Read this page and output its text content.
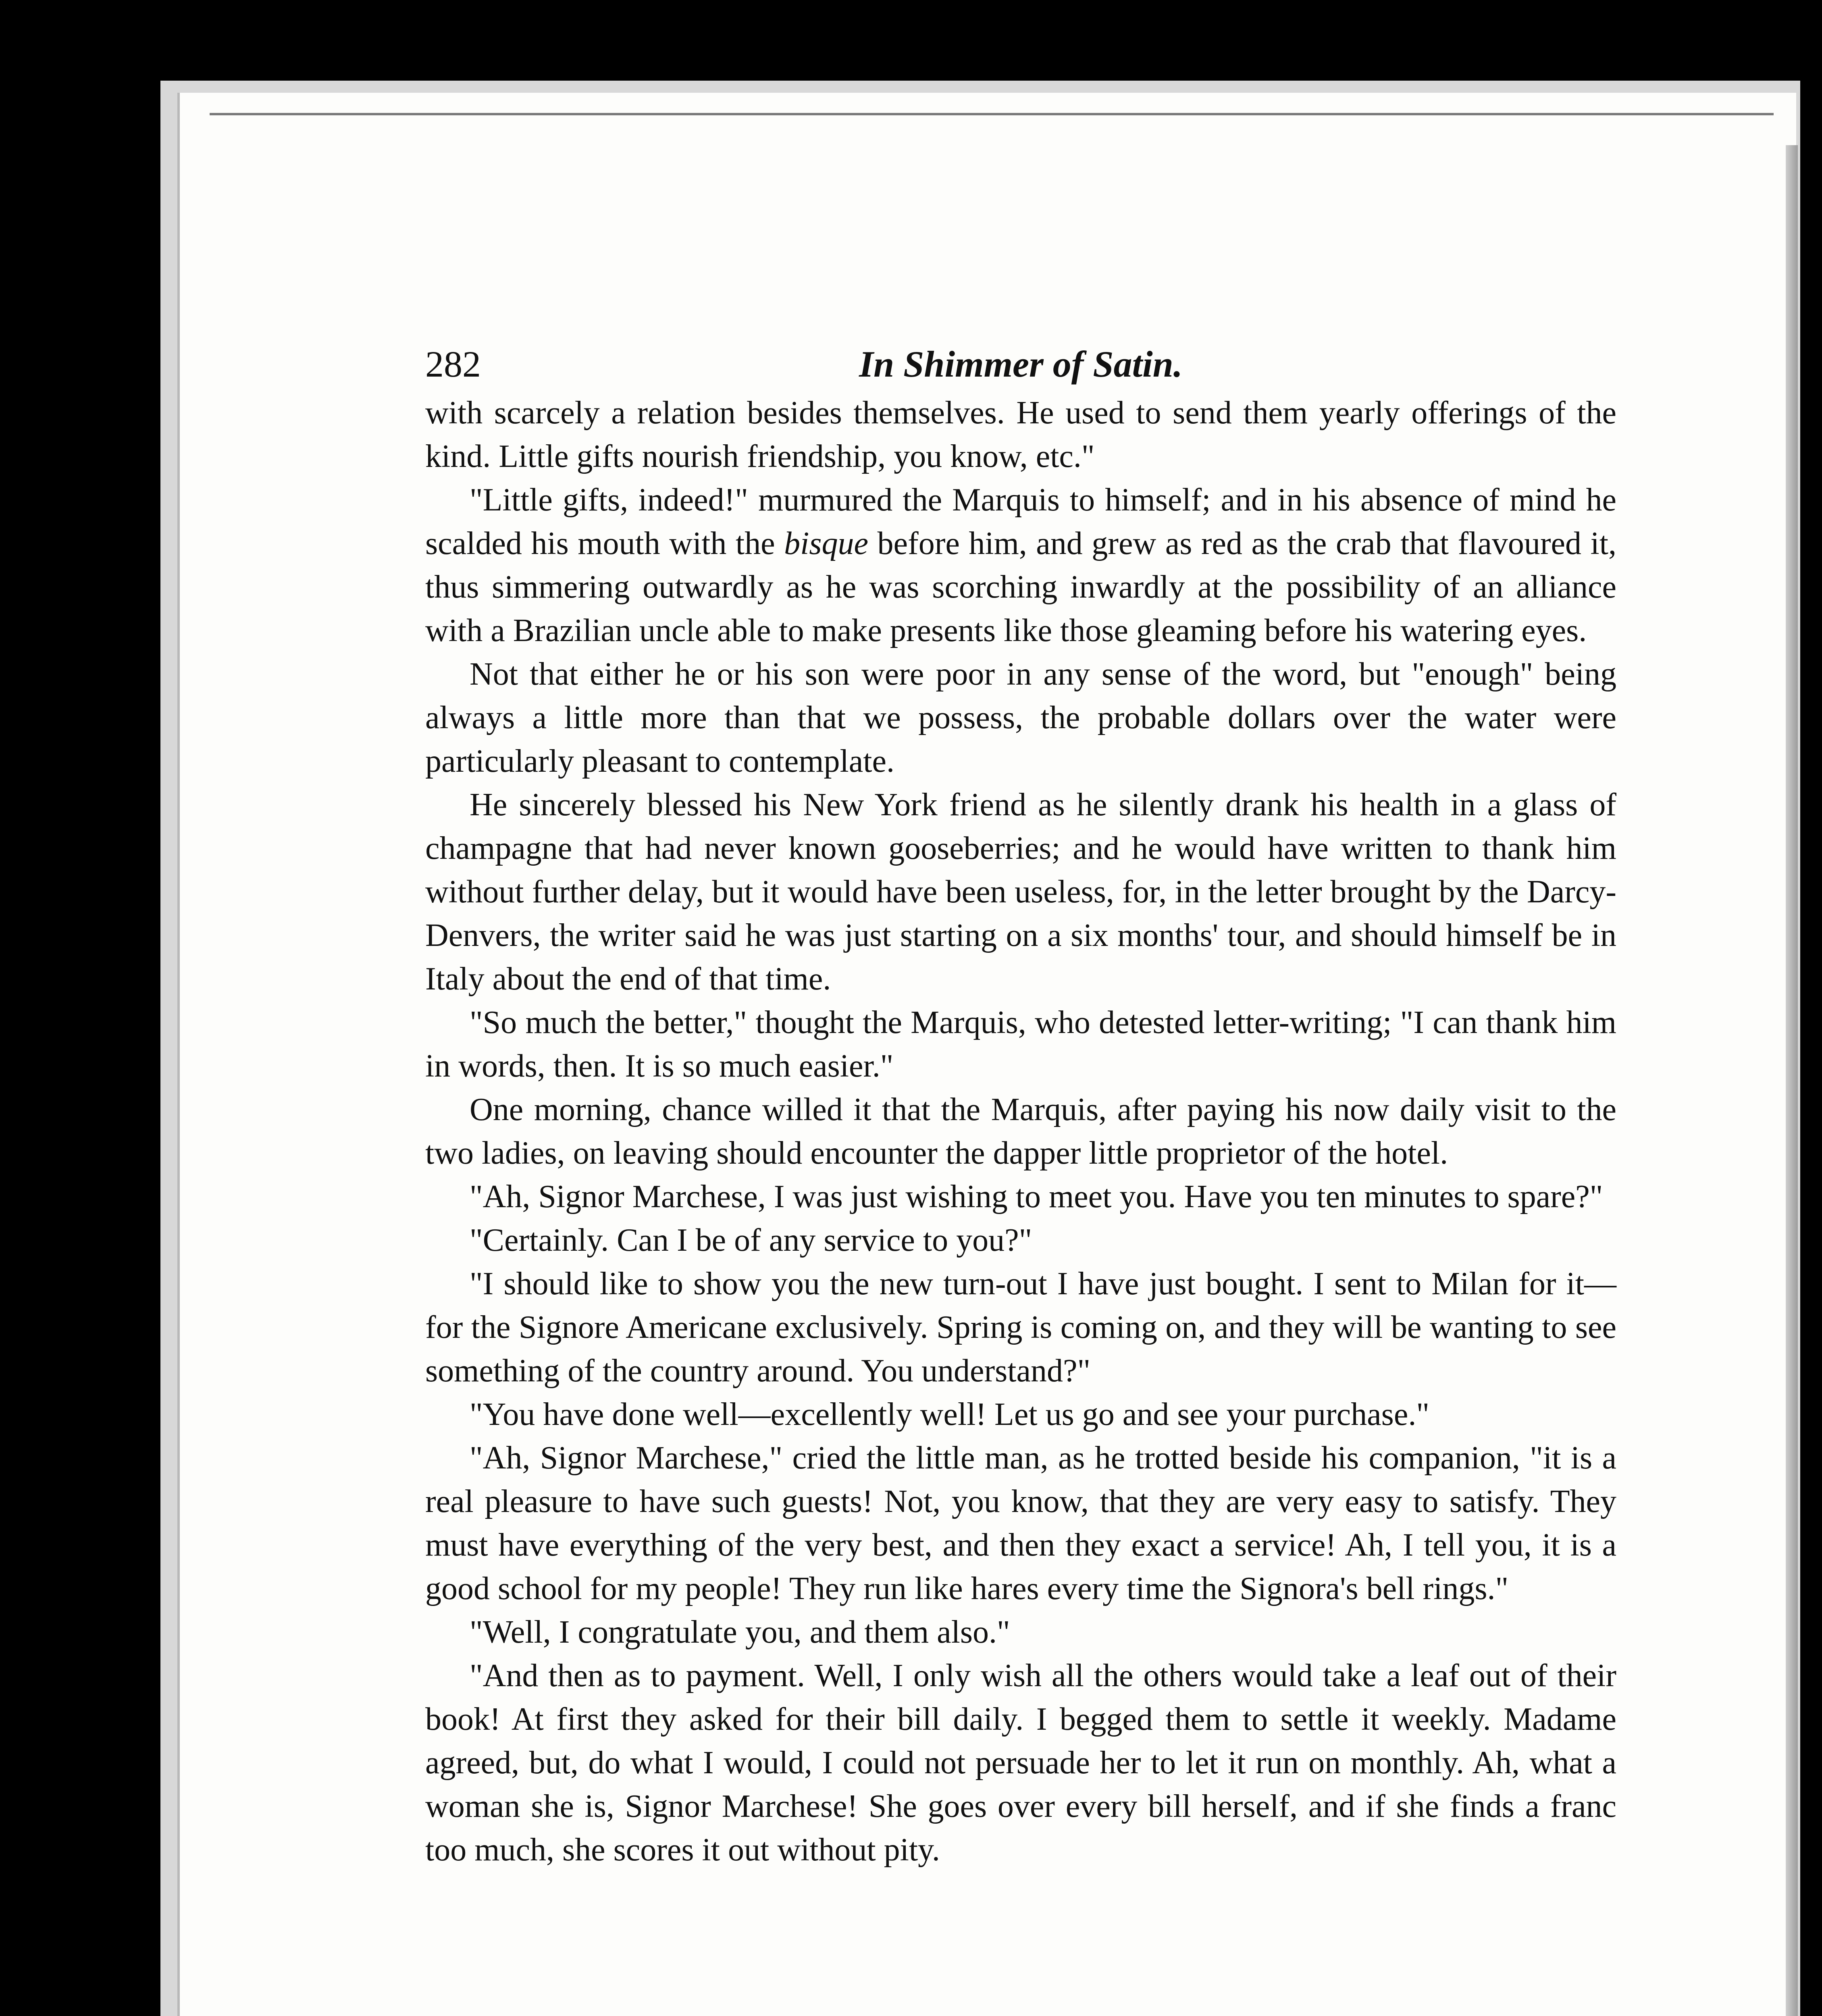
282	In Shimmer of Satin.

with scarcely a relation besides themselves. He used to send them yearly offerings of the kind. Little gifts nourish friendship, you know, etc."

"Little gifts, indeed!" murmured the Marquis to himself; and in his absence of mind he scalded his mouth with the bisque before him, and grew as red as the crab that flavoured it, thus simmering outwardly as he was scorching inwardly at the possibility of an alliance with a Brazilian uncle able to make presents like those gleaming before his watering eyes.

Not that either he or his son were poor in any sense of the word, but "enough" being always a little more than that we possess, the probable dollars over the water were particularly pleasant to contemplate.

He sincerely blessed his New York friend as he silently drank his health in a glass of champagne that had never known gooseberries; and he would have written to thank him without further delay, but it would have been useless, for, in the letter brought by the Darcy-Denvers, the writer said he was just starting on a six months' tour, and should himself be in Italy about the end of that time.

"So much the better," thought the Marquis, who detested letter-writing; "I can thank him in words, then. It is so much easier."

One morning, chance willed it that the Marquis, after paying his now daily visit to the two ladies, on leaving should encounter the dapper little proprietor of the hotel.

"Ah, Signor Marchese, I was just wishing to meet you. Have you ten minutes to spare?"

"Certainly. Can I be of any service to you?"

"I should like to show you the new turn-out I have just bought. I sent to Milan for it—for the Signore Americane exclusively. Spring is coming on, and they will be wanting to see something of the country around. You understand?"

"You have done well—excellently well! Let us go and see your purchase."

"Ah, Signor Marchese," cried the little man, as he trotted beside his companion, "it is a real pleasure to have such guests! Not, you know, that they are very easy to satisfy. They must have everything of the very best, and then they exact a service! Ah, I tell you, it is a good school for my people! They run like hares every time the Signora's bell rings."

"Well, I congratulate you, and them also."

"And then as to payment. Well, I only wish all the others would take a leaf out of their book! At first they asked for their bill daily. I begged them to settle it weekly. Madame agreed, but, do what I would, I could not persuade her to let it run on monthly. Ah, what a woman she is, Signor Marchese! She goes over every bill herself, and if she finds a franc too much, she scores it out without pity.
